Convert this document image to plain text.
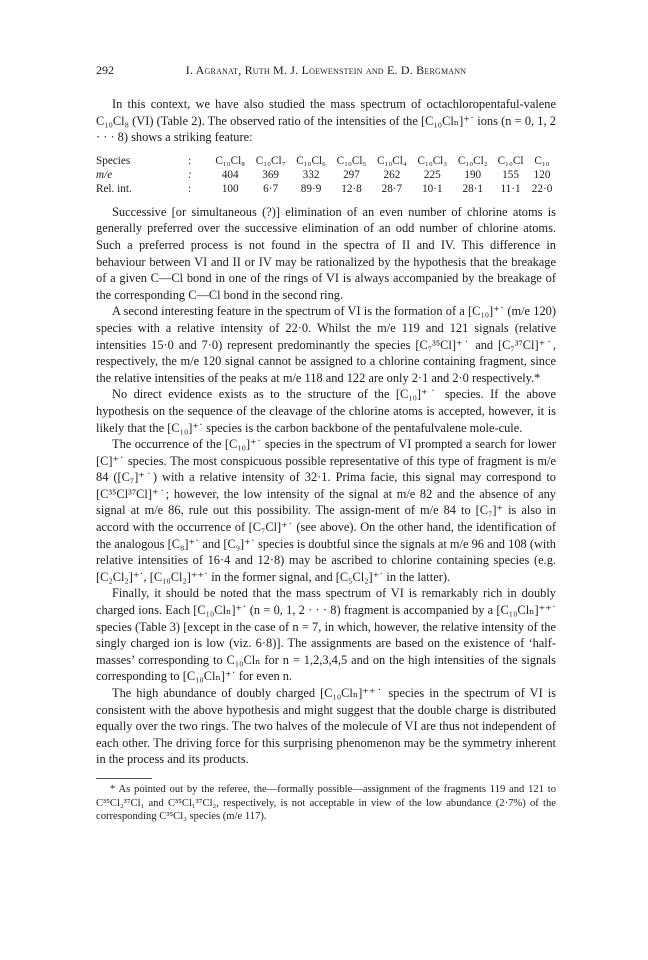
292	I. Agranat, Ruth M. J. Loewenstein and E. D. Bergmann

In this context, we have also studied the mass spectrum of octachloropentaful-valene C₁₀Cl₈ (VI) (Table 2). The observed ratio of the intensities of the [C₁₀Clₙ]⁺˙ ions (n = 0, 1, 2 · · · 8) shows a striking feature:

Species	:	C₁₀Cl₈	C₁₀Cl₇	C₁₀Cl₆	C₁₀Cl₅	C₁₀Cl₄	C₁₀Cl₃	C₁₀Cl₂	C₁₀Cl	C₁₀
m/e	:	404	369	332	297	262	225	190	155	120
Rel. int.	:	100	6·7	89·9	12·8	28·7	10·1	28·1	11·1	22·0

Successive [or simultaneous (?)] elimination of an even number of chlorine atoms is generally preferred over the successive elimination of an odd number of chlorine atoms. Such a preferred process is not found in the spectra of II and IV. This difference in behaviour between VI and II or IV may be rationalized by the hypothesis that the breakage of a given C—Cl bond in one of the rings of VI is always accompanied by the breakage of the corresponding C—Cl bond in the second ring.

A second interesting feature in the spectrum of VI is the formation of a [C₁₀]⁺˙ (m/e 120) species with a relative intensity of 22·0. Whilst the m/e 119 and 121 signals (relative intensities 15·0 and 7·0) represent predominantly the species [C₇³⁵Cl]⁺˙ and [C₇³⁷Cl]⁺˙, respectively, the m/e 120 signal cannot be assigned to a chlorine containing fragment, since the relative intensities of the peaks at m/e 118 and 122 are only 2·1 and 2·0 respectively.*

No direct evidence exists as to the structure of the [C₁₀]⁺˙ species. If the above hypothesis on the sequence of the cleavage of the chlorine atoms is accepted, however, it is likely that the [C₁₀]⁺˙ species is the carbon backbone of the pentafulvalene mole-cule.

The occurrence of the [C₁₀]⁺˙ species in the spectrum of VI prompted a search for lower [C]⁺˙ species. The most conspicuous possible representative of this type of fragment is m/e 84 ([C₇]⁺˙) with a relative intensity of 32·1. Prima facie, this signal may correspond to [C³⁵Cl³⁷Cl]⁺˙; however, the low intensity of the signal at m/e 82 and the absence of any signal at m/e 86, rule out this possibility. The assign-ment of m/e 84 to [C₇]⁺ is also in accord with the occurrence of [C₇Cl]⁺˙ (see above). On the other hand, the identification of the analogous [C₈]⁺˙ and [C₉]⁺˙ species is doubtful since the signals at m/e 96 and 108 (with relative intensities of 16·4 and 12·8) may be ascribed to chlorine containing species (e.g. [C₂Cl₂]⁺˙, [C₁₀Cl₂]⁺⁺˙ in the former signal, and [C₅Cl₂]⁺˙ in the latter).

Finally, it should be noted that the mass spectrum of VI is remarkably rich in doubly charged ions. Each [C₁₀Clₙ]⁺˙ (n = 0, 1, 2 · · · 8) fragment is accompanied by a [C₁₀Clₙ]⁺⁺˙ species (Table 3) [except in the case of n = 7, in which, however, the relative intensity of the singly charged ion is low (viz. 6·8)]. The assignments are based on the existence of ‘half-masses’ corresponding to C₁₀Clₙ for n = 1,2,3,4,5 and on the high intensities of the signals corresponding to [C₁₀Clₙ]⁺˙ for even n.

The high abundance of doubly charged [C₁₀Clₙ]⁺⁺˙ species in the spectrum of VI is consistent with the above hypothesis and might suggest that the double charge is distributed equally over the two rings. The two halves of the molecule of VI are thus not independent of each other. The driving force for this surprising phenomenon may be the symmetry inherent in the process and its products.

* As pointed out by the referee, the—formally possible—assignment of the fragments 119 and 121 to C³⁵Cl₂³⁷Cl₁ and C³⁵Cl₁³⁷Cl₂, respectively, is not acceptable in view of the low abundance (2·7%) of the corresponding C³⁵Cl₃ species (m/e 117).
